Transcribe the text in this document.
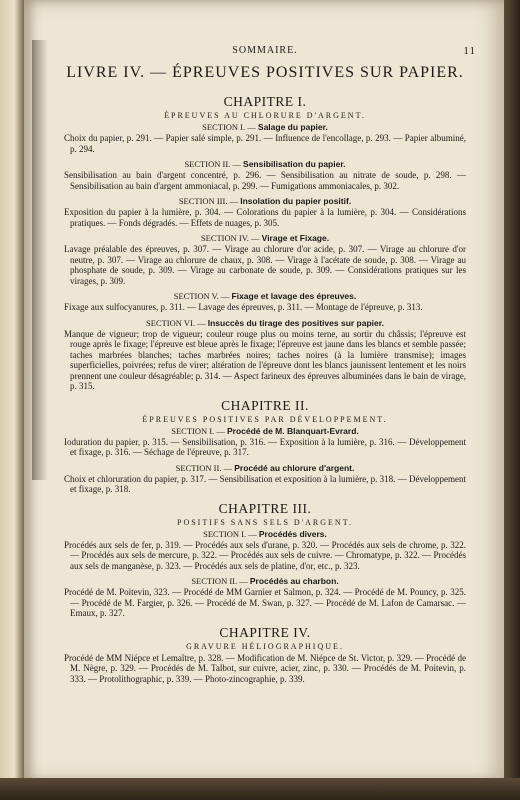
SOMMAIRE.	11
LIVRE IV. — ÉPREUVES POSITIVES SUR PAPIER.
CHAPITRE I.
ÉPREUVES AU CHLORURE D'ARGENT.
SECTION I. — Salage du papier.
Choix du papier, p. 291. — Papier salé simple, p. 291. — Influence de l'encollage, p. 293. — Papier albuminé, p. 294.
SECTION II. — Sensibilisation du papier.
Sensibilisation au bain d'argent concentré, p. 296. — Sensibilisation au nitrate de soude, p. 298. — Sensibilisation au bain d'argent ammoniacal, p. 299. — Fumigations ammoniacales, p. 302.
SECTION III. — Insolation du papier positif.
Exposition du papier à la lumière, p. 304. — Colorations du papier à la lumière, p. 304. — Considérations pratiques. — Fonds dégradés. — Effets de nuages, p. 305.
SECTION IV. — Virage et Fixage.
Lavage préalable des épreuves, p. 307. — Virage au chlorure d'or acide, p. 307. — Virage au chlorure d'or neutre, p. 307. — Virage au chlorure de chaux, p. 308. — Virage à l'acétate de soude, p. 308. — Virage au phosphate de soude, p. 309. — Virage au carbonate de soude, p. 309. — Considérations pratiques sur les virages, p. 309.
SECTION V. — Fixage et lavage des épreuves.
Fixage aux sulfocyanures, p. 311. — Lavage des épreuves, p. 311. — Montage de l'épreuve, p. 313.
SECTION VI. — Insuccès du tirage des positives sur papier.
Manque de vigueur; trop de vigueur; couleur rouge plus ou moins terne, au sortir du châssis; l'épreuve est rouge après le fixage; l'épreuve est bleue après le fixage; l'épreuve est jaune dans les blancs et semble passée; taches marbrées blanches; taches marbrées noires; taches noires (à la lumière transmise); images superficielles, poivrées; refus de virer; altération de l'épreuve dont les blancs jaunissent lentement et les noirs prennent une couleur désagréable; p. 314. — Aspect farineux des épreuves albuminées dans le bain de virage, p. 315.
CHAPITRE II.
ÉPREUVES POSITIVES PAR DÉVELOPPEMENT.
SECTION I. — Procédé de M. Blanquart-Evrard.
Ioduration du papier, p. 315. — Sensibilisation, p. 316. — Exposition à la lumière, p. 316. — Développement et fixage, p. 316. — Séchage de l'épreuve, p. 317.
SECTION II. — Procédé au chlorure d'argent.
Choix et chloruration du papier, p. 317. — Sensibilisation et exposition à la lumière, p. 318. — Développement et fixage, p. 318.
CHAPITRE III.
POSITIFS SANS SELS D'ARGENT.
SECTION I. — Procédés divers.
Procédés aux sels de fer, p. 319. — Procédés aux sels d'urane, p. 320. — Procédés aux sels de chrome, p. 322. — Procédés aux sels de mercure, p. 322. — Procédés aux sels de cuivre. — Chromatype, p. 322. — Procédés aux sels de manganèse, p. 323. — Procédés aux sels de platine, d'or, etc., p. 323.
SECTION II. — Procédés au charbon.
Procédé de M. Poitevin, 323. — Procédé de MM Garnier et Salmon, p. 324. — Procédé de M. Pouncy, p. 325. — Procédé de M. Fargier, p. 326. — Procédé de M. Swan, p. 327. — Procédé de M. Lafon de Camarsac. — Emaux, p. 327.
CHAPITRE IV.
GRAVURE HÉLIOGRAPHIQUE.
Procédé de MM Niépce et Lemaître, p. 328. — Modification de M. Niépce de St. Victor, p. 329. — Procédé de M. Nègre, p. 329. — Procédés de M. Talbot, sur cuivre, acier, zinc, p. 330. — Procédés de M. Poitevin, p. 333. — Protolithographic, p. 339. — Photo-zincographie, p. 339.
